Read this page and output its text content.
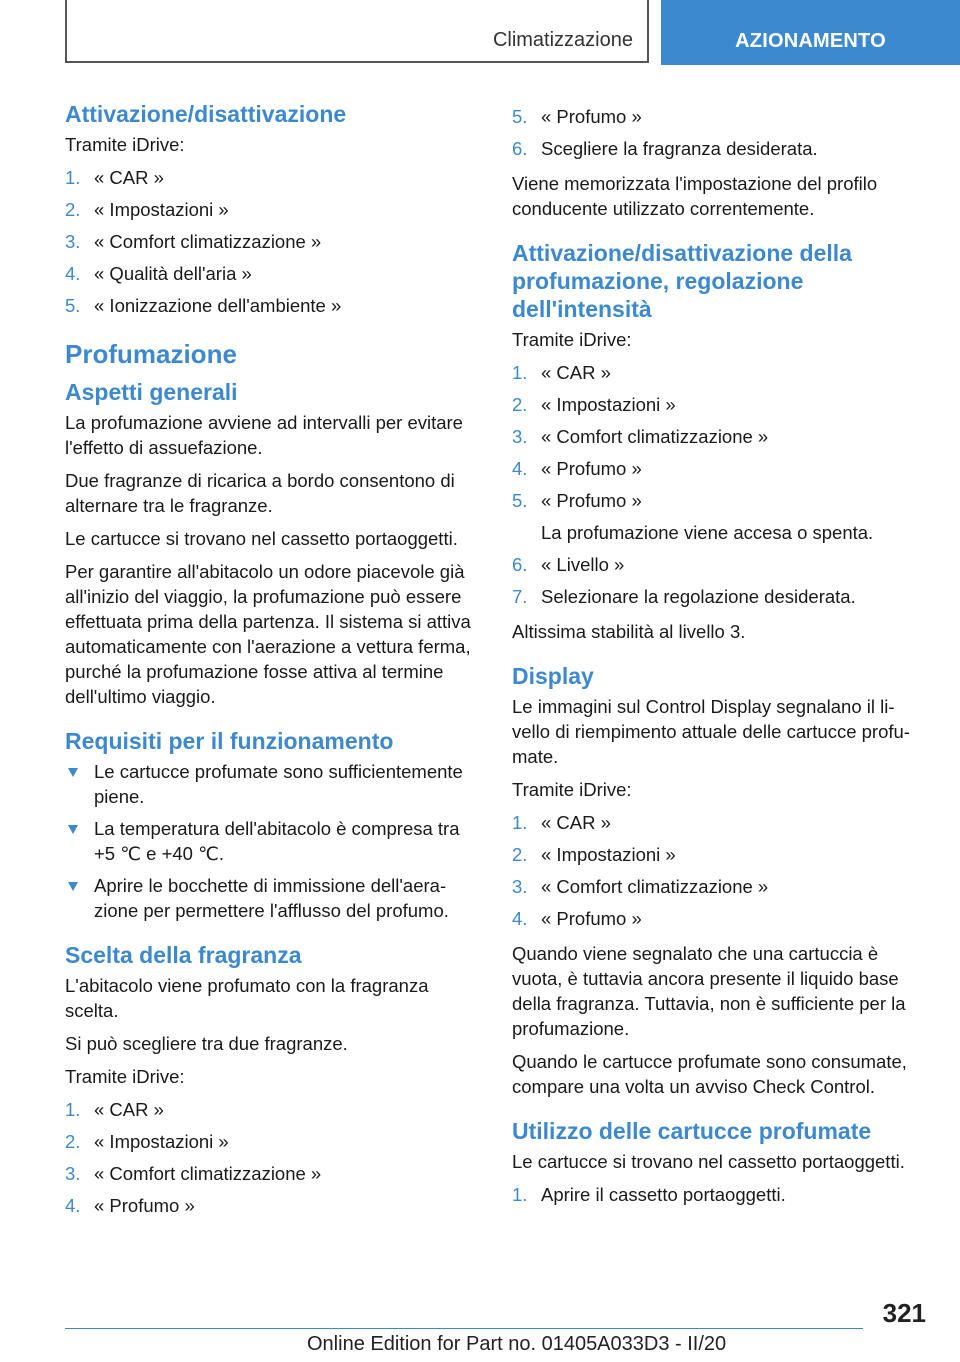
Climatizzazione	AZIONAMENTO
Attivazione/disattivazione

Tramite iDrive:

1. « CAR »
2. « Impostazioni »
3. « Comfort climatizzazione »
4. « Qualità dell'aria »
5. « Ionizzazione dell'ambiente »
Profumazione
Aspetti generali

La profumazione avviene ad intervalli per evitare l'effetto di assuefazione.

Due fragranze di ricarica a bordo consentono di alternare tra le fragranze.

Le cartucce si trovano nel cassetto portaoggetti.

Per garantire all'abitacolo un odore piacevole già all'inizio del viaggio, la profumazione può essere effettuata prima della partenza. Il sistema si attiva automaticamente con l'aerazione a vettura ferma, purché la profumazione fosse attiva al termine dell'ultimo viaggio.

Requisiti per il funzionamento
Le cartucce profumate sono sufficientemente piene.
La temperatura dell'abitacolo è compresa tra +5 ℃ e +40 ℃.
Aprire le bocchette di immissione dell'aera‐zione per permettere l'afflusso del profumo.
Scelta della fragranza

L'abitacolo viene profumato con la fragranza scelta.

Si può scegliere tra due fragranze.

Tramite iDrive:

1. « CAR »
2. « Impostazioni »
3. « Comfort climatizzazione »
4. « Profumo »
5. « Profumo »
6. Scegliere la fragranza desiderata.

Viene memorizzata l'impostazione del profilo conducente utilizzato correntemente.

Attivazione/disattivazione della profumazione, regolazione dell'intensità

Tramite iDrive:

1. « CAR »
2. « Impostazioni »
3. « Comfort climatizzazione »
4. « Profumo »
5. « Profumo »
La profumazione viene accesa o spenta.
6. « Livello »
7. Selezionare la regolazione desiderata.

Altissima stabilità al livello 3.

Display

Le immagini sul Control Display segnalano il li‐vello di riempimento attuale delle cartucce profu‐mate.

Tramite iDrive:

1. « CAR »
2. « Impostazioni »
3. « Comfort climatizzazione »
4. « Profumo »

Quando viene segnalato che una cartuccia è vuota, è tuttavia ancora presente il liquido base della fragranza. Tuttavia, non è sufficiente per la profumazione.

Quando le cartucce profumate sono consumate, compare una volta un avviso Check Control.

Utilizzo delle cartucce profumate

Le cartucce si trovano nel cassetto portaoggetti.

1. Aprire il cassetto portaoggetti.
321
Online Edition for Part no. 01405A033D3 - II/20
